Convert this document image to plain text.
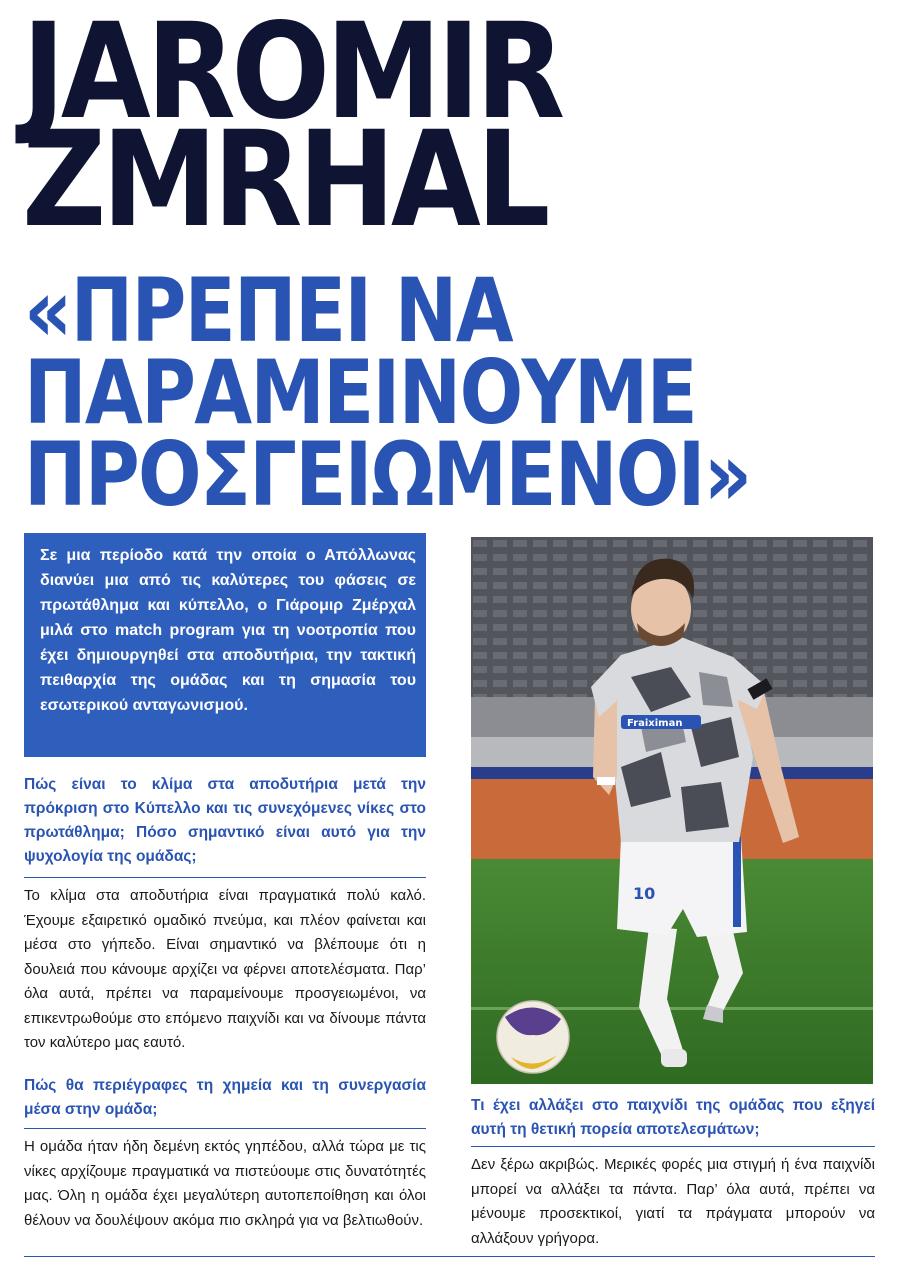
JAROMIR
ZMRHAL
«ΠΡΕΠΕΙ ΝΑ
ΠΑΡΑΜΕΙΝΟΥΜΕ
ΠΡΟΣΓΕΙΩΜΕΝΟΙ»

Σε μια περίοδο κατά την οποία ο Απόλλωνας διανύει μια από τις καλύτερες του φάσεις σε πρωτάθλημα και κύπελλο, ο Γιάρομιρ Ζμέρχαλ μιλά στο match program για τη νοοτροπία που έχει δημιουργηθεί στα αποδυτήρια, την τακτική πειθαρχία της ομάδας και τη σημασία του εσωτερικού ανταγωνισμού.

Πώς είναι το κλίμα στα αποδυτήρια μετά την πρόκριση στο Κύπελλο και τις συνεχόμενες νίκες στο πρωτάθλημα; Πόσο σημαντικό είναι αυτό για την ψυχολογία της ομάδας;

Το κλίμα στα αποδυτήρια είναι πραγματικά πολύ καλό. Έχουμε εξαιρετικό ομαδικό πνεύμα, και πλέον φαίνεται και μέσα στο γήπεδο. Είναι σημαντικό να βλέπουμε ότι η δουλειά που κάνουμε αρχίζει να φέρνει αποτελέσματα. Παρ’ όλα αυτά, πρέπει να παραμείνουμε προσγειωμένοι, να επικεντρωθούμε στο επόμενο παιχνίδι και να δίνουμε πάντα τον καλύτερο μας εαυτό.

Πώς θα περιέγραφες τη χημεία και τη συνεργασία μέσα στην ομάδα;

Η ομάδα ήταν ήδη δεμένη εκτός γηπέδου, αλλά τώρα με τις νίκες αρχίζουμε πραγματικά να πιστεύουμε στις δυνατότητές μας. Όλη η ομάδα έχει μεγαλύτερη αυτοπεποίθηση και όλοι θέλουν να δουλέψουν ακόμα πιο σκληρά για να βελτιωθούν.

10
Fraiximan

Τι έχει αλλάξει στο παιχνίδι της ομάδας που εξηγεί αυτή τη θετική πορεία αποτελεσμάτων;

Δεν ξέρω ακριβώς. Μερικές φορές μια στιγμή ή ένα παιχνίδι μπορεί να αλλάξει τα πάντα. Παρ’ όλα αυτά, πρέπει να μένουμε προσεκτικοί, γιατί τα πράγματα μπορούν να αλλάξουν γρήγορα.
